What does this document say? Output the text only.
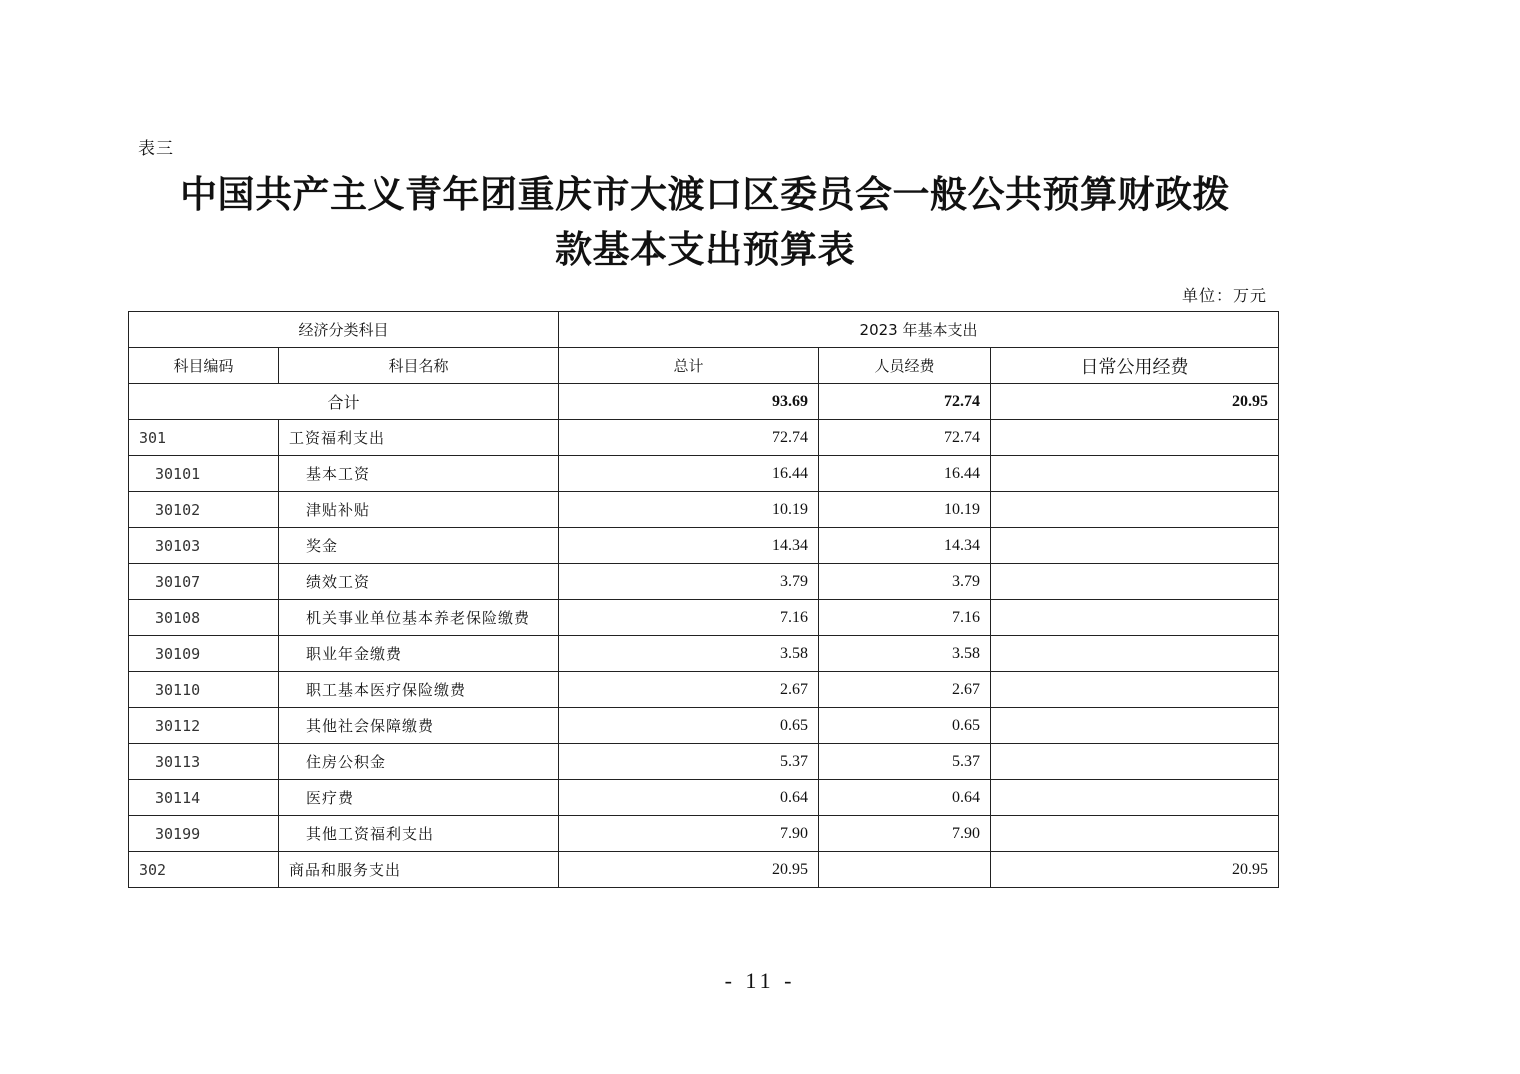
表三
中国共产主义青年团重庆市大渡口区委员会一般公共预算财政拨
款基本支出预算表
单位：万元
经济分类科目		2023 年基本支出		
科目编码	科目名称	总计	人员经费	日常公用经费
合计		93.69	72.74	20.95
301	工资福利支出	72.74	72.74	
30101	基本工资	16.44	16.44	
30102	津贴补贴	10.19	10.19	
30103	奖金	14.34	14.34	
30107	绩效工资	3.79	3.79	
30108	机关事业单位基本养老保险缴费	7.16	7.16	
30109	职业年金缴费	3.58	3.58	
30110	职工基本医疗保险缴费	2.67	2.67	
30112	其他社会保障缴费	0.65	0.65	
30113	住房公积金	5.37	5.37	
30114	医疗费	0.64	0.64	
30199	其他工资福利支出	7.90	7.90	
302	商品和服务支出	20.95		20.95
- 11 -
